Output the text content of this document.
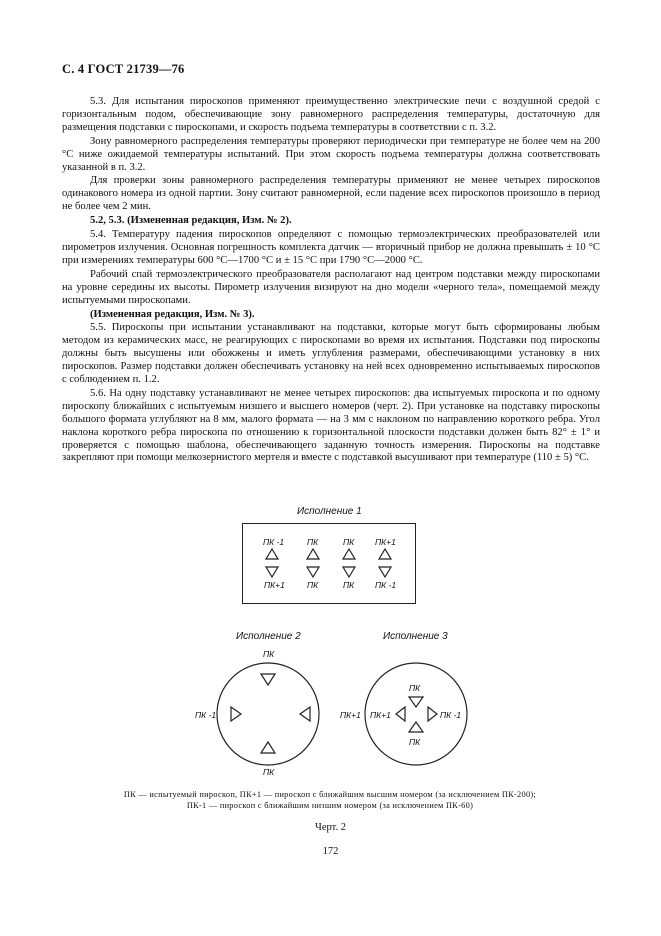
С. 4 ГОСТ 21739—76

5.3. Для испытания пироскопов применяют преимущественно электрические печи с воздушной средой с горизонтальным подом, обеспечивающие зону равномерного распределения температуры, достаточную для размещения подставки с пироскопами, и скорость подъема температуры в соответствии с п. 3.2.

Зону равномерного распределения температуры проверяют периодически при температуре не более чем на 200 °С ниже ожидаемой температуры испытаний. При этом скорость подъема температуры должна соответствовать указанной в п. 3.2.

Для проверки зоны равномерного распределения температуры применяют не менее четырех пироскопов одинакового номера из одной партии. Зону считают равномерной, если падение всех пироскопов произошло в период не более чем 2 мин.

5.2, 5.3. (Измененная редакция, Изм. № 2).

5.4. Температуру падения пироскопов определяют с помощью термоэлектрических преобразователей или пирометров излучения. Основная погрешность комплекта датчик — вторичный прибор не должна превышать ± 10 °С при измерениях температуры 600 °С—1700 °С и ± 15 °С при 1790 °С—2000 °С.

Рабочий спай термоэлектрического преобразователя располагают над центром подставки между пироскопами на уровне середины их высоты. Пирометр излучения визируют на дно модели «черного тела», помещаемой между испытуемыми пироскопами.

(Измененная редакция, Изм. № 3).

5.5. Пироскопы при испытании устанавливают на подставки, которые могут быть сформированы любым методом из керамических масс, не реагирующих с пироскопами во время их испытания. Подставки под пироскопы должны быть высушены или обожжены и иметь углубления размерами, обеспечивающими установку в них пироскопов. Размер подставки должен обеспечивать установку на ней всех одновременно испытываемых пироскопов с соблюдением п. 1.2.

5.6. На одну подставку устанавливают не менее четырех пироскопов: два испытуемых пироскопа и по одному пироскопу ближайших с испытуемым низшего и высшего номеров (черт. 2). При установке на подставку пироскопы большого формата углубляют на 8 мм, малого формата — на 3 мм с наклоном по направлению короткого ребра. Угол наклона короткого ребра пироскопа по отношению к горизонтальной плоскости подставки должен быть 82° ± 1° и проверяется с помощью шаблона, обеспечивающего заданную точность измерения. Пироскопы на подставке закрепляют при помощи мелкозернистого мертеля и вместе с подставкой высушивают при температуре (110 ± 5) °С.

Исполнение 1
ПК -1	ПК	ПК ПК+1
ПК+1	ПК	ПК ПК -1
Исполнение 2	Исполнение 3
ПК
ПК -1
ПК
ПК
ПК+1 ПК+1	ПК -1
ПК
ПК — испытуемый пироскоп, ПК+1 — пироскоп с ближайшим высшим номером (за исключением ПК-200);
ПК-1 — пироскоп с ближайшим низшим номером (за исключением ПК-60)
Черт. 2
172
